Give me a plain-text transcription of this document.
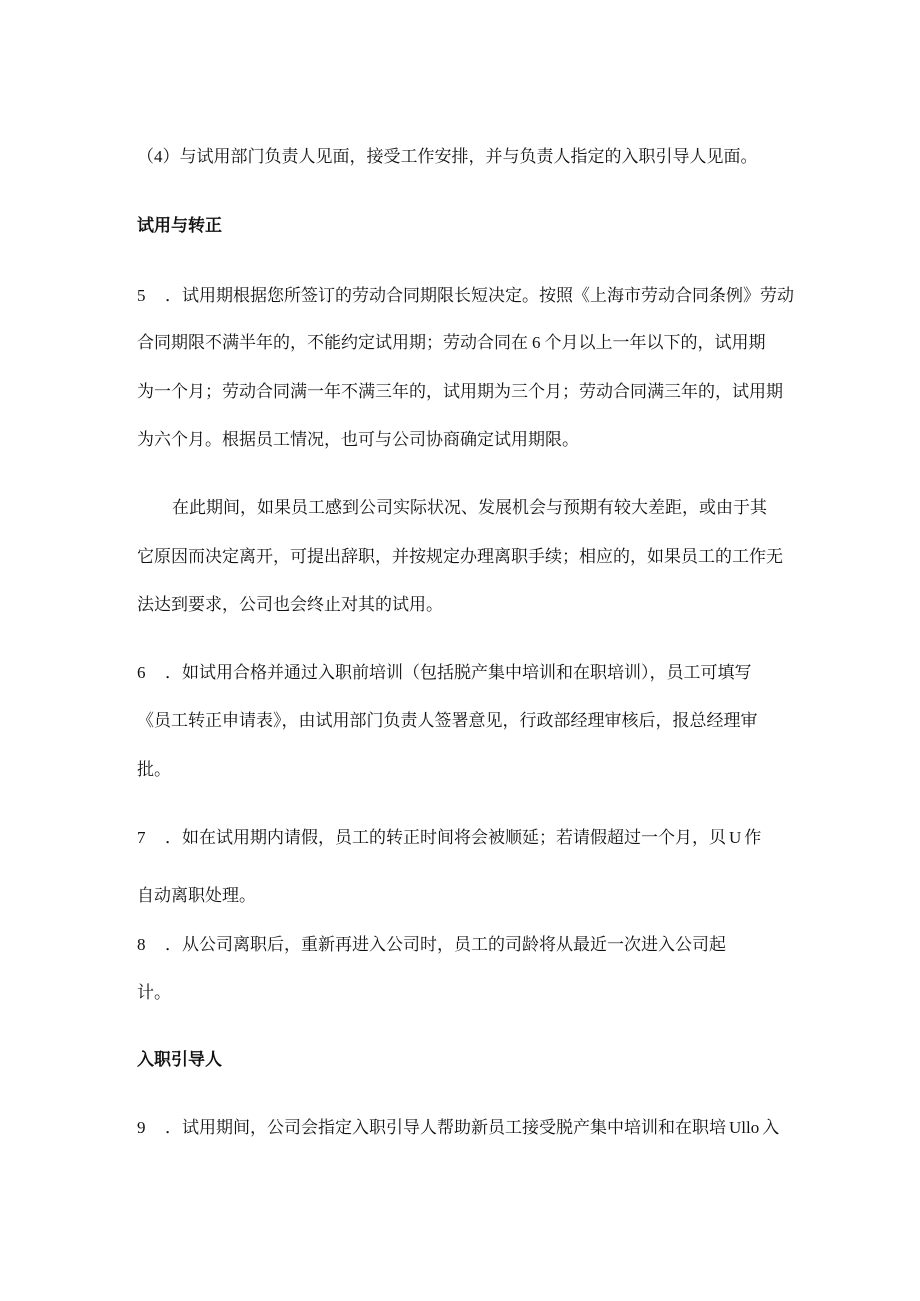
（4）与试用部门负责人见面，接受工作安排，并与负责人指定的入职引导人见面。

试用与转正

5 ．试用期根据您所签订的劳动合同期限长短决定。按照《上海市劳动合同条例》劳动

合同期限不满半年的，不能约定试用期；劳动合同在 6 个月以上一年以下的，试用期

为一个月；劳动合同满一年不满三年的，试用期为三个月；劳动合同满三年的，试用期

为六个月。根据员工情况，也可与公司协商确定试用期限。

在此期间，如果员工感到公司实际状况、发展机会与预期有较大差距，或由于其

它原因而决定离开，可提出辞职，并按规定办理离职手续；相应的，如果员工的工作无

法达到要求，公司也会终止对其的试用。

6 ．如试用合格并通过入职前培训（包括脱产集中培训和在职培训），员工可填写

《员工转正申请表》，由试用部门负责人签署意见，行政部经理审核后，报总经理审

批。

7 ．如在试用期内请假，员工的转正时间将会被顺延；若请假超过一个月，贝 U 作

自动离职处理。

8 ．从公司离职后，重新再进入公司时，员工的司龄将从最近一次进入公司起

计。

入职引导人

9 ．试用期间，公司会指定入职引导人帮助新员工接受脱产集中培训和在职培 Ullo 入
